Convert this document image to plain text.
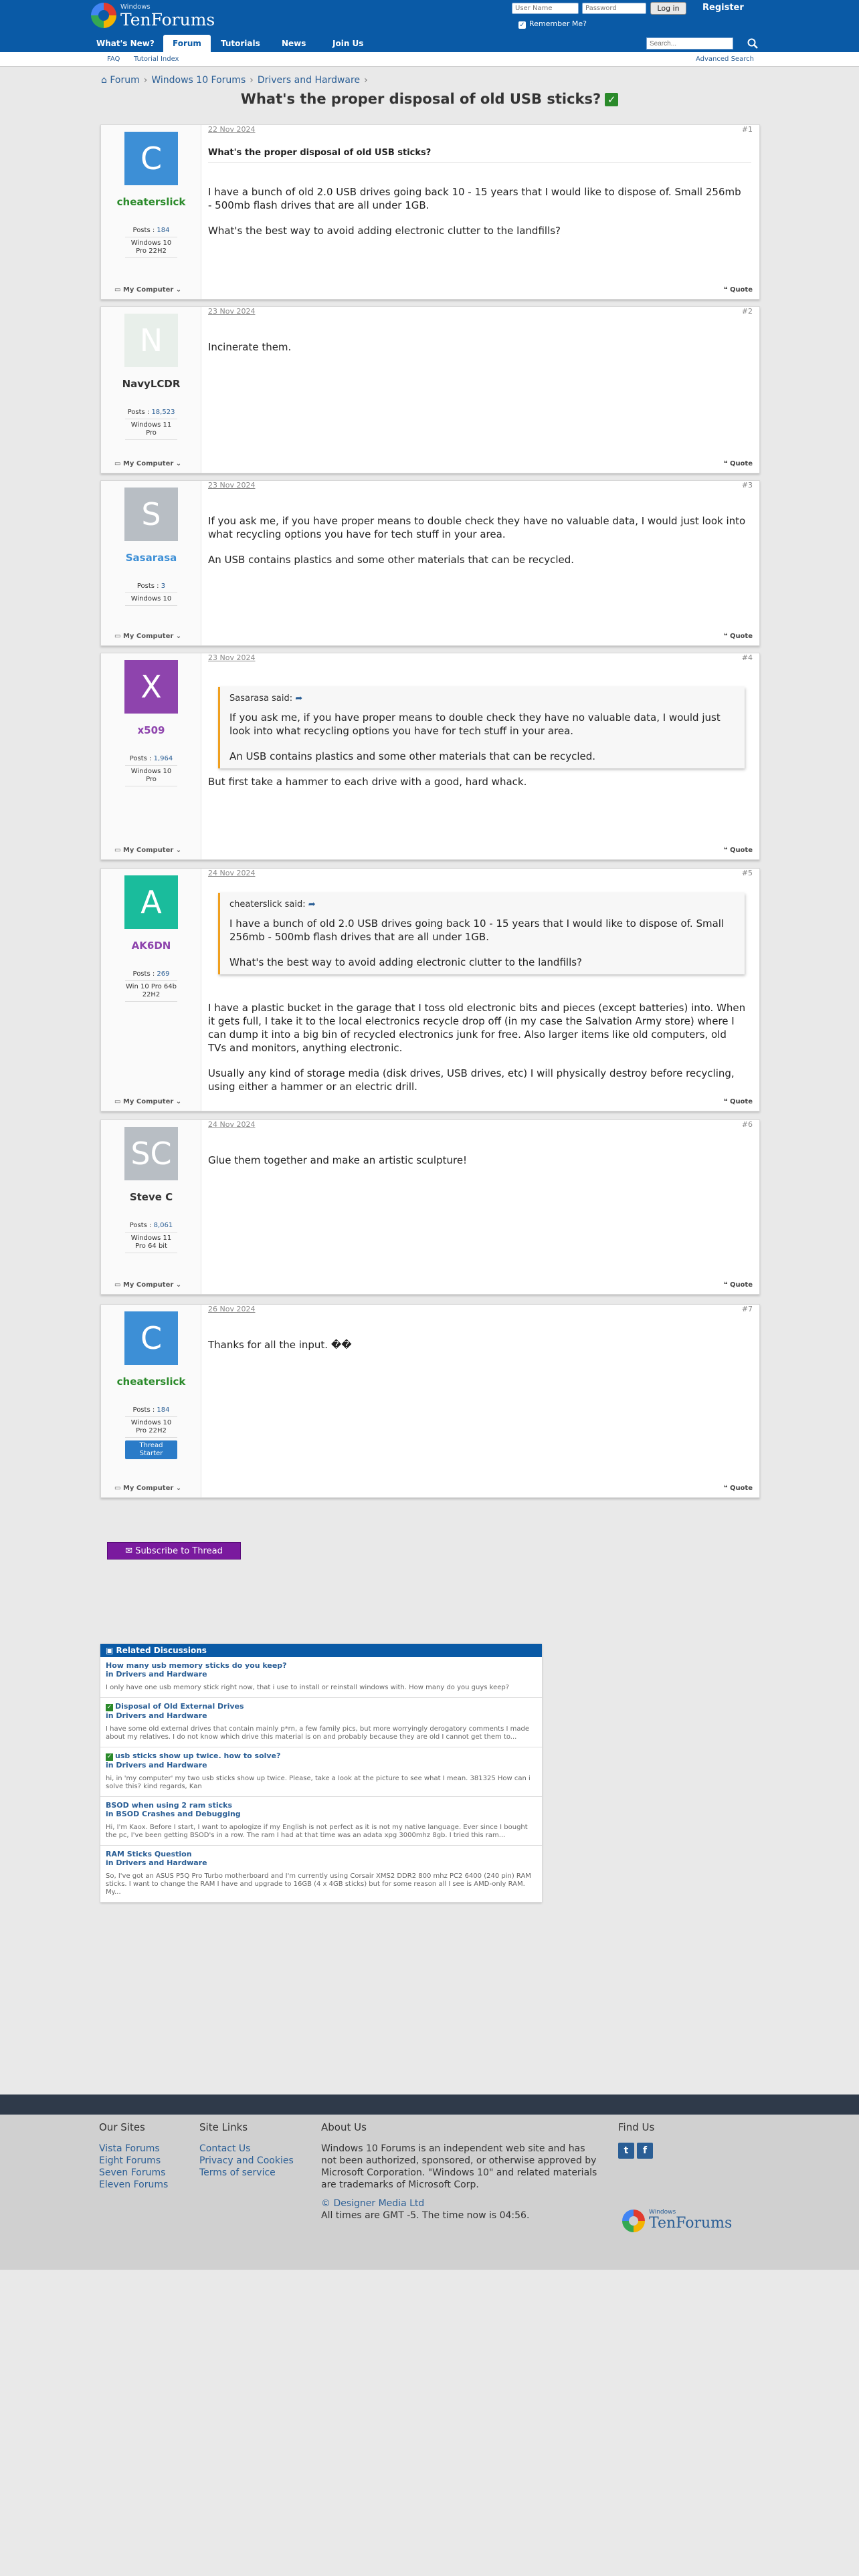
Windows
TenForums
User Name
Password
Log in	Register
✓ Remember Me?
What's New?	Forum	Tutorials	News	Join Us
Search...
FAQ Tutorial Index	Advanced Search
⌂ Forum › Windows 10 Forums › Drivers and Hardware ›
What's the proper disposal of old USB sticks? ✓
C
cheaterslick
Posts : 184
Windows 10 Pro 22H2
▭ My Computer ⌄
22 Nov 2024	#1
What's the proper disposal of old USB sticks?

I have a bunch of old 2.0 USB drives going back 10 - 15 years that I would like to dispose of. Small 256mb - 500mb flash drives that are all under 1GB.

What's the best way to avoid adding electronic clutter to the landfills?

❝ Quote
N
NavyLCDR
Posts : 18,523
Windows 11 Pro
▭ My Computer ⌄
23 Nov 2024	#2

Incinerate them.

❝ Quote
S
Sasarasa
Posts : 3
Windows 10
▭ My Computer ⌄
23 Nov 2024	#3

If you ask me, if you have proper means to double check they have no valuable data, I would just look into what recycling options you have for tech stuff in your area.

An USB contains plastics and some other materials that can be recycled.

❝ Quote
X
x509
Posts : 1,964
Windows 10 Pro
▭ My Computer ⌄
23 Nov 2024	#4
Sasarasa said: ➦

If you ask me, if you have proper means to double check they have no valuable data, I would just look into what recycling options you have for tech stuff in your area.

An USB contains plastics and some other materials that can be recycled.

But first take a hammer to each drive with a good, hard whack.

❝ Quote
A
AK6DN
Posts : 269
Win 10 Pro 64b 22H2
▭ My Computer ⌄
24 Nov 2024	#5
cheaterslick said: ➦

I have a bunch of old 2.0 USB drives going back 10 - 15 years that I would like to dispose of. Small 256mb - 500mb flash drives that are all under 1GB.

What's the best way to avoid adding electronic clutter to the landfills?

I have a plastic bucket in the garage that I toss old electronic bits and pieces (except batteries) into. When it gets full, I take it to the local electronics recycle drop off (in my case the Salvation Army store) where I can dump it into a big bin of recycled electronics junk for free. Also larger items like old computers, old TVs and monitors, anything electronic.

Usually any kind of storage media (disk drives, USB drives, etc) I will physically destroy before recycling, using either a hammer or an electric drill.

❝ Quote
SC
Steve C
Posts : 8,061
Windows 11 Pro 64 bit
▭ My Computer ⌄
24 Nov 2024	#6

Glue them together and make an artistic sculpture!

❝ Quote
C
cheaterslick
Posts : 184
Windows 10 Pro 22H2
Thread Starter
▭ My Computer ⌄
26 Nov 2024	#7

Thanks for all the input. ��

❝ Quote
✉ Subscribe to Thread
▣ Related Discussions
How many usb memory sticks do you keep?
in Drivers and Hardware
I only have one usb memory stick right now, that i use to install or reinstall windows with. How many do you guys keep?
✓ Disposal of Old External Drives
in Drivers and Hardware
I have some old external drives that contain mainly p*rn, a few family pics, but more worryingly derogatory comments I made about my relatives. I do not know which drive this material is on and probably because they are old I cannot get them to...
✓ usb sticks show up twice. how to solve?
in Drivers and Hardware
hi, in 'my computer' my two usb sticks show up twice. Please, take a look at the picture to see what I mean. 381325 How can i solve this? kind regards, Kan
BSOD when using 2 ram sticks
in BSOD Crashes and Debugging
Hi, I'm Kaox. Before I start, I want to apologize if my English is not perfect as it is not my native language. Ever since I bought the pc, I've been getting BSOD's in a row. The ram I had at that time was an adata xpg 3000mhz 8gb. I tried this ram...
RAM Sticks Question
in Drivers and Hardware
So, I've got an ASUS P5Q Pro Turbo motherboard and I'm currently using Corsair XMS2 DDR2 800 mhz PC2 6400 (240 pin) RAM sticks. I want to change the RAM I have and upgrade to 16GB (4 x 4GB sticks) but for some reason all I see is AMD-only RAM. My...
Our Sites
Vista Forums
Eight Forums
Seven Forums
Eleven Forums
Site Links
Contact Us
Privacy and Cookies
Terms of service
About Us
Windows 10 Forums is an independent web site and has not been authorized, sponsored, or otherwise approved by Microsoft Corporation. "Windows 10" and related materials are trademarks of Microsoft Corp.
© Designer Media Ltd
All times are GMT -5. The time now is 04:56.
Find Us
t f
Windows
TenForums
